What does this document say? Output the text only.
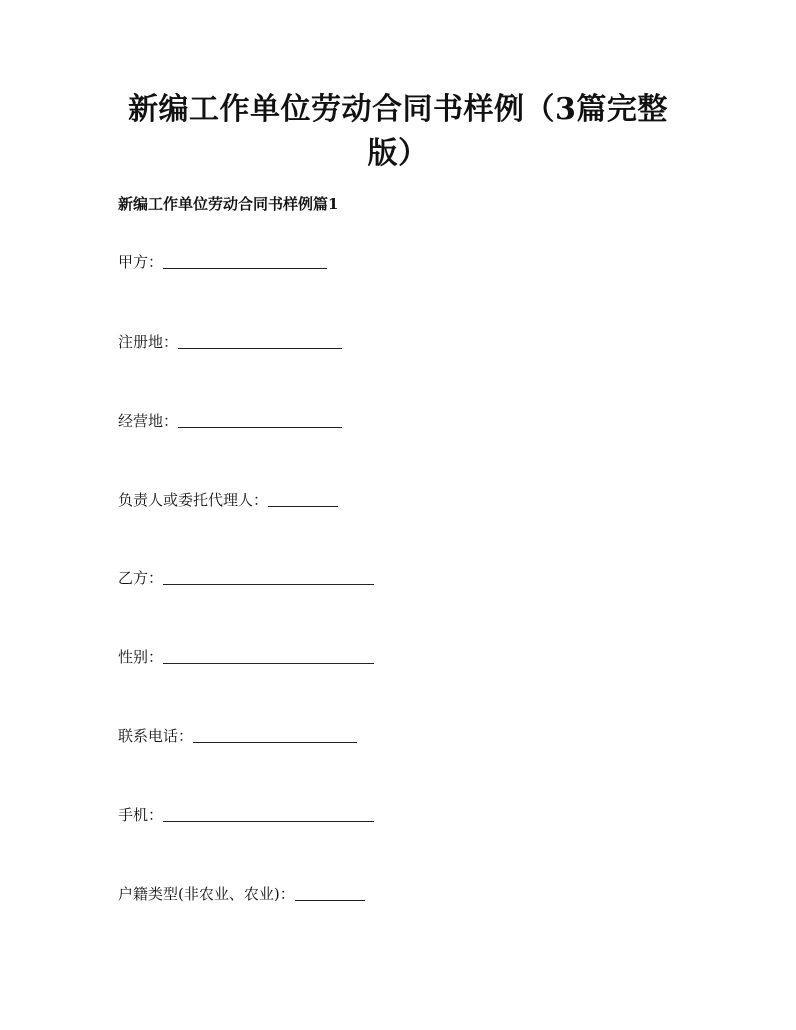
新编工作单位劳动合同书样例（3篇完整
版）

新编工作单位劳动合同书样例篇1

甲方：
注册地：
经营地：
负责人或委托代理人：
乙方：
性别：
联系电话：
手机：
户籍类型(非农业、农业)：
